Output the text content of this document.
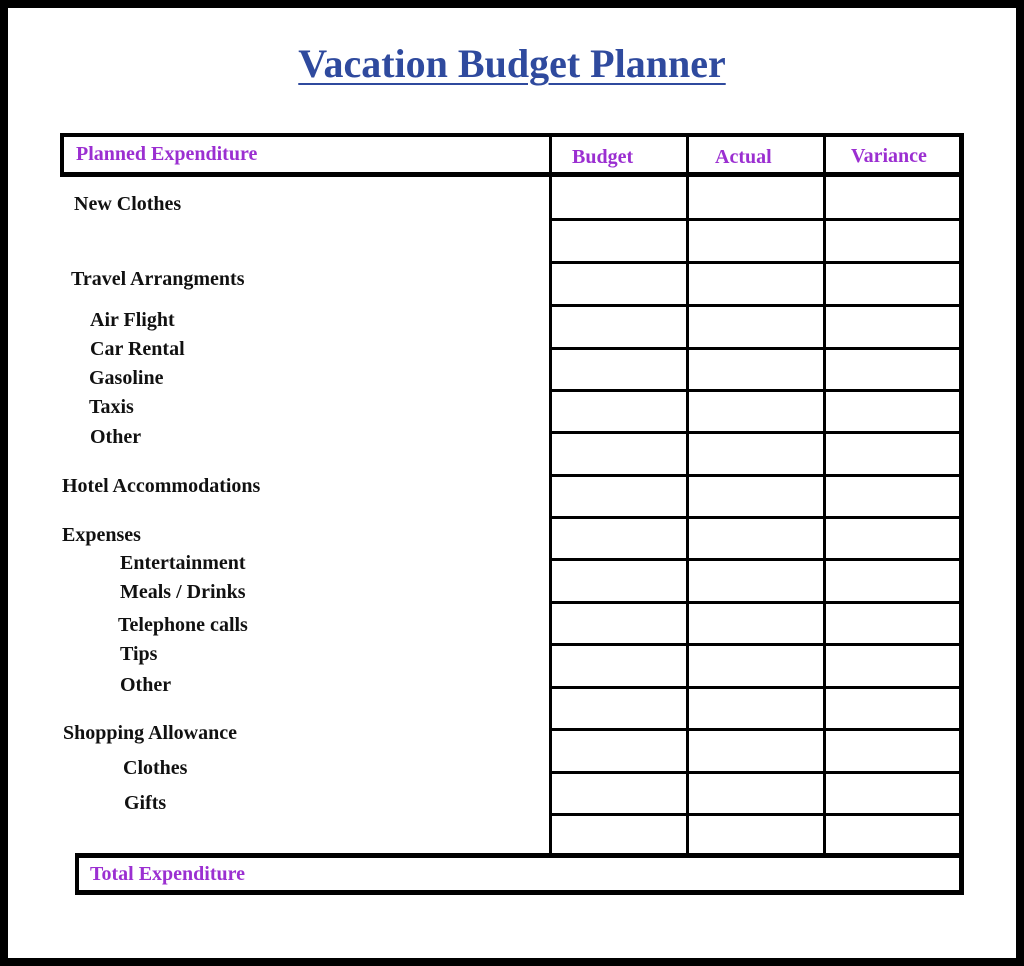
Vacation Budget Planner
Planned Expenditure	Budget	Actual	Variance
New Clothes
Travel Arrangments
Air Flight
Car Rental
Gasoline
Taxis
Other
Hotel Accommodations
Expenses
Entertainment
Meals / Drinks
Telephone calls
Tips
Other
Shopping Allowance
Clothes
Gifts
Total Expenditure
